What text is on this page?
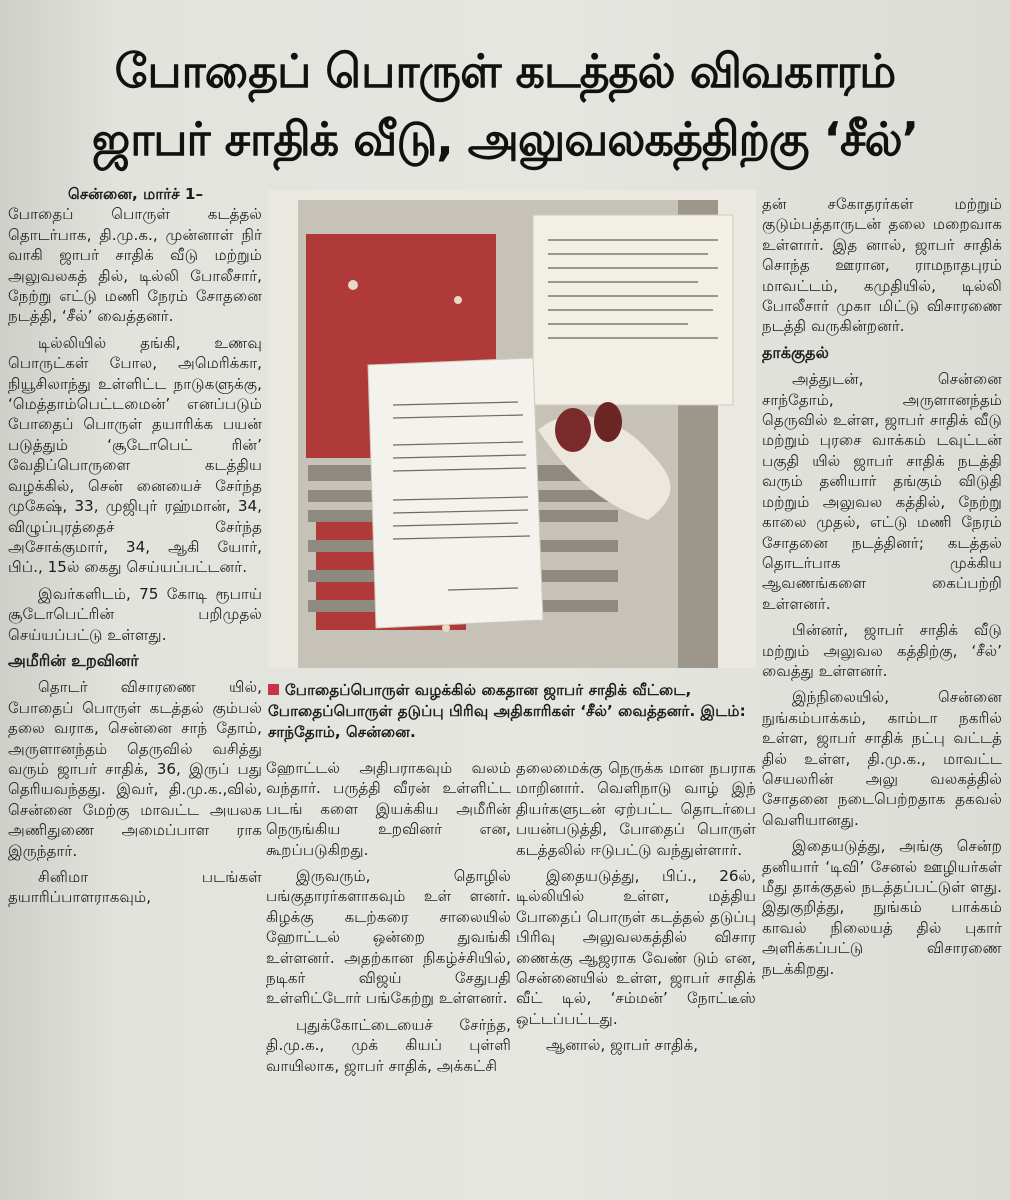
போதைப் பொருள் கடத்தல் விவகாரம்
ஜாபர் சாதிக் வீடு, அலுவலகத்திற்கு ‘சீல்’
சென்னை, மார்ச் 1–

போதைப் பொருள் கடத்தல் தொடர்பாக, தி.மு.க., முன்னாள் நிர் வாகி ஜாபர் சாதிக் வீடு மற்றும் அலுவலகத் தில், டில்லி போலீசார், நேற்று எட்டு மணி நேரம் சோதனை நடத்தி, ‘சீல்’ வைத்தனர்.

டில்லியில் தங்கி, உணவு பொருட்கள் போல, அமெரிக்கா, நியூசிலாந்து உள்ளிட்ட நாடுகளுக்கு, ‘மெத்தாம்பெட்டமைன்’ எனப்படும் போதைப் பொருள் தயாரிக்க பயன் படுத்தும் ‘சூடோபெட் ரின்’ வேதிப்பொருளை கடத்திய வழக்கில், சென் னையைச் சேர்ந்த முகேஷ், 33, முஜிபுர் ரஹ்மான், 34, விழுப்புரத்தைச் சேர்ந்த அசோக்குமார், 34, ஆகி யோர், பிப்., 15ல் கைது செய்யப்பட்டனர்.

இவர்களிடம், 75 கோடி ரூபாய் சூடோபெட்ரின் பறிமுதல் செய்யப்பட்டு உள்ளது.

அமீரின் உறவினர்

தொடர் விசாரணை யில், போதைப் பொருள் கடத்தல் கும்பல் தலை வராக, சென்னை சாந் தோம், அருளானந்தம் தெருவில் வசித்து வரும் ஜாபர் சாதிக், 36, இருப் பது தெரியவந்தது. இவர், தி.மு.க.,வில், சென்னை மேற்கு மாவட்ட அயலக அணிதுணை அமைப்பாள ராக இருந்தார்.

சினிமா படங்கள் தயாரிப்பாளராகவும்,

போதைப்பொருள் வழக்கில் கைதான ஜாபர் சாதிக் வீட்டை, போதைப்பொருள் தடுப்பு பிரிவு அதிகாரிகள் ‘சீல்’ வைத்தனர். இடம்: சாந்தோம், சென்னை.

ஹோட்டல் அதிபராகவும் வலம் வந்தார். பருத்தி வீரன் உள்ளிட்ட படங் களை இயக்கிய அமீரின் நெருங்கிய உறவினர் என, கூறப்படுகிறது.

இருவரும், தொழில் பங்குதாரர்களாகவும் உள் ளனர். கிழக்கு கடற்கரை சாலையில் ஹோட்டல் ஒன்றை துவங்கி உள்ளனர். அதற்கான நிகழ்ச்சியில், நடிகர் விஜய் சேதுபதி உள்ளிட்டோர் பங்கேற்று உள்ளனர்.

புதுக்கோட்டையைச் சேர்ந்த, தி.மு.க., முக் கியப் புள்ளி வாயிலாக, ஜாபர் சாதிக், அக்கட்சி

தலைமைக்கு நெருக்க மான நபராக மாறினார். வெளிநாடு வாழ் இந் தியர்களுடன் ஏற்பட்ட தொடர்பை பயன்படுத்தி, போதைப் பொருள் கடத்தலில் ஈடுபட்டு வந்துள்ளார்.

இதையடுத்து, பிப்., 26ல், டில்லியில் உள்ள, மத்திய போதைப் பொருள் கடத்தல் தடுப்பு பிரிவு அலுவலகத்தில் விசார ணைக்கு ஆஜராக வேண் டும் என, சென்னையில் உள்ள, ஜாபர் சாதிக் வீட் டில், ‘சம்மன்’ நோட்டீஸ் ஒட்டப்பட்டது.

ஆனால், ஜாபர் சாதிக்,

தன் சகோதரர்கள் மற்றும் குடும்பத்தாருடன் தலை மறைவாக உள்ளார். இத னால், ஜாபர் சாதிக் சொந்த ஊரான, ராமநாதபுரம் மாவட்டம், கமுதியில், டில்லி போலீசார் முகா மிட்டு விசாரணை நடத்தி வருகின்றனர்.

தாக்குதல்

அத்துடன், சென்னை சாந்தோம், அருளானந்தம் தெருவில் உள்ள, ஜாபர் சாதிக் வீடு மற்றும் புரசை வாக்கம் டவுட்டன் பகுதி யில் ஜாபர் சாதிக் நடத்தி வரும் தனியார் தங்கும் விடுதி மற்றும் அலுவல கத்தில், நேற்று காலை முதல், எட்டு மணி நேரம் சோதனை நடத்தினர்; கடத்தல் தொடர்பாக முக்கிய ஆவணங்களை கைப்பற்றி உள்ளனர்.

பின்னர், ஜாபர் சாதிக் வீடு மற்றும் அலுவல கத்திற்கு, ‘சீல்’ வைத்து உள்ளனர்.

இந்நிலையில், சென்னை நுங்கம்பாக்கம், காம்டா நகரில் உள்ள, ஜாபர் சாதிக் நட்பு வட்டத் தில் உள்ள, தி.மு.க., மாவட்ட செயலரின் அலு வலகத்தில் சோதனை நடைபெற்றதாக தகவல் வெளியானது.

இதையடுத்து, அங்கு சென்ற தனியார் ‘டிவி’ சேனல் ஊழியர்கள் மீது தாக்குதல் நடத்தப்பட்டுள் ளது. இதுகுறித்து, நுங்கம் பாக்கம் காவல் நிலையத் தில் புகார் அளிக்கப்பட்டு விசாரணை நடக்கிறது.
